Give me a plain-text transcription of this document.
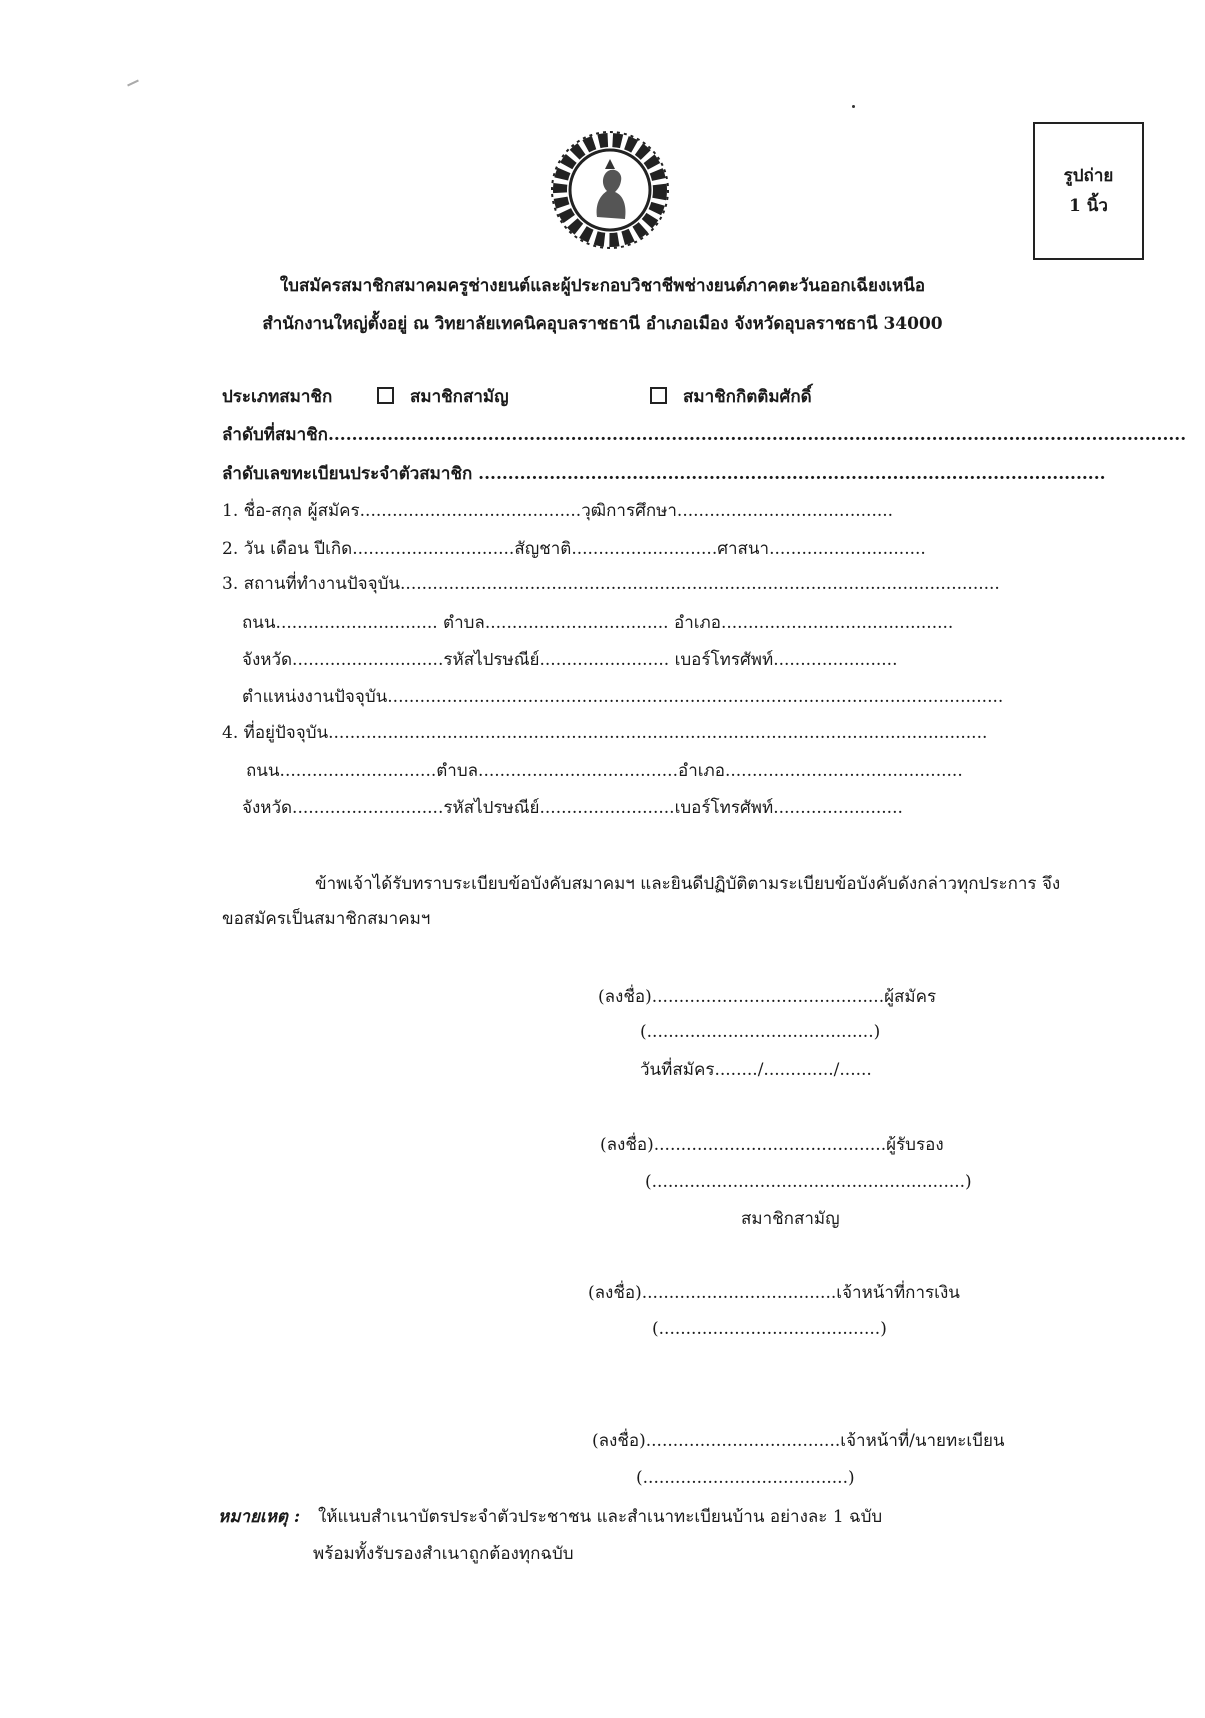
รูปถ่าย
1 นิ้ว
ใบสมัครสมาชิกสมาคมครูช่างยนต์และผู้ประกอบวิชาชีพช่างยนต์ภาคตะวันออกเฉียงเหนือ
สำนักงานใหญ่ตั้งอยู่ ณ วิทยาลัยเทคนิคอุบลราชธานี อำเภอเมือง จังหวัดอุบลราชธานี 34000
ประเภทสมาชิก	สมาชิกสามัญ	สมาชิกกิตติมศักดิ์
ลำดับที่สมาชิก.................................................................................................................................................
ลำดับเลขทะเบียนประจำตัวสมาชิก ..........................................................................................................
1. ชื่อ-สกุล ผู้สมัคร.........................................วุฒิการศึกษา........................................
2. วัน เดือน ปีเกิด..............................สัญชาติ...........................ศาสนา.............................
3. สถานที่ทำงานปัจจุบัน...............................................................................................................
ถนน.............................. ตำบล.................................. อำเภอ...........................................
จังหวัด............................รหัสไปรษณีย์........................ เบอร์โทรศัพท์.......................
ตำแหน่งงานปัจจุบัน..................................................................................................................
4. ที่อยู่ปัจจุบัน..........................................................................................................................
ถนน.............................ตำบล.....................................อำเภอ............................................
จังหวัด............................รหัสไปรษณีย์.........................เบอร์โทรศัพท์........................
ข้าพเจ้าได้รับทราบระเบียบข้อบังคับสมาคมฯ และยินดีปฏิบัติตามระเบียบข้อบังคับดังกล่าวทุกประการ จึง
ขอสมัครเป็นสมาชิกสมาคมฯ
(ลงชื่อ)...........................................ผู้สมัคร
(..........................................)
วันที่สมัคร......../............./......
(ลงชื่อ)...........................................ผู้รับรอง
(..........................................................)
สมาชิกสามัญ
(ลงชื่อ)....................................เจ้าหน้าที่การเงิน
(.........................................)
(ลงชื่อ)....................................เจ้าหน้าที่/นายทะเบียน
(......................................)
หมายเหตุ : ให้แนบสำเนาบัตรประจำตัวประชาชน และสำเนาทะเบียนบ้าน อย่างละ 1 ฉบับ
พร้อมทั้งรับรองสำเนาถูกต้องทุกฉบับ
